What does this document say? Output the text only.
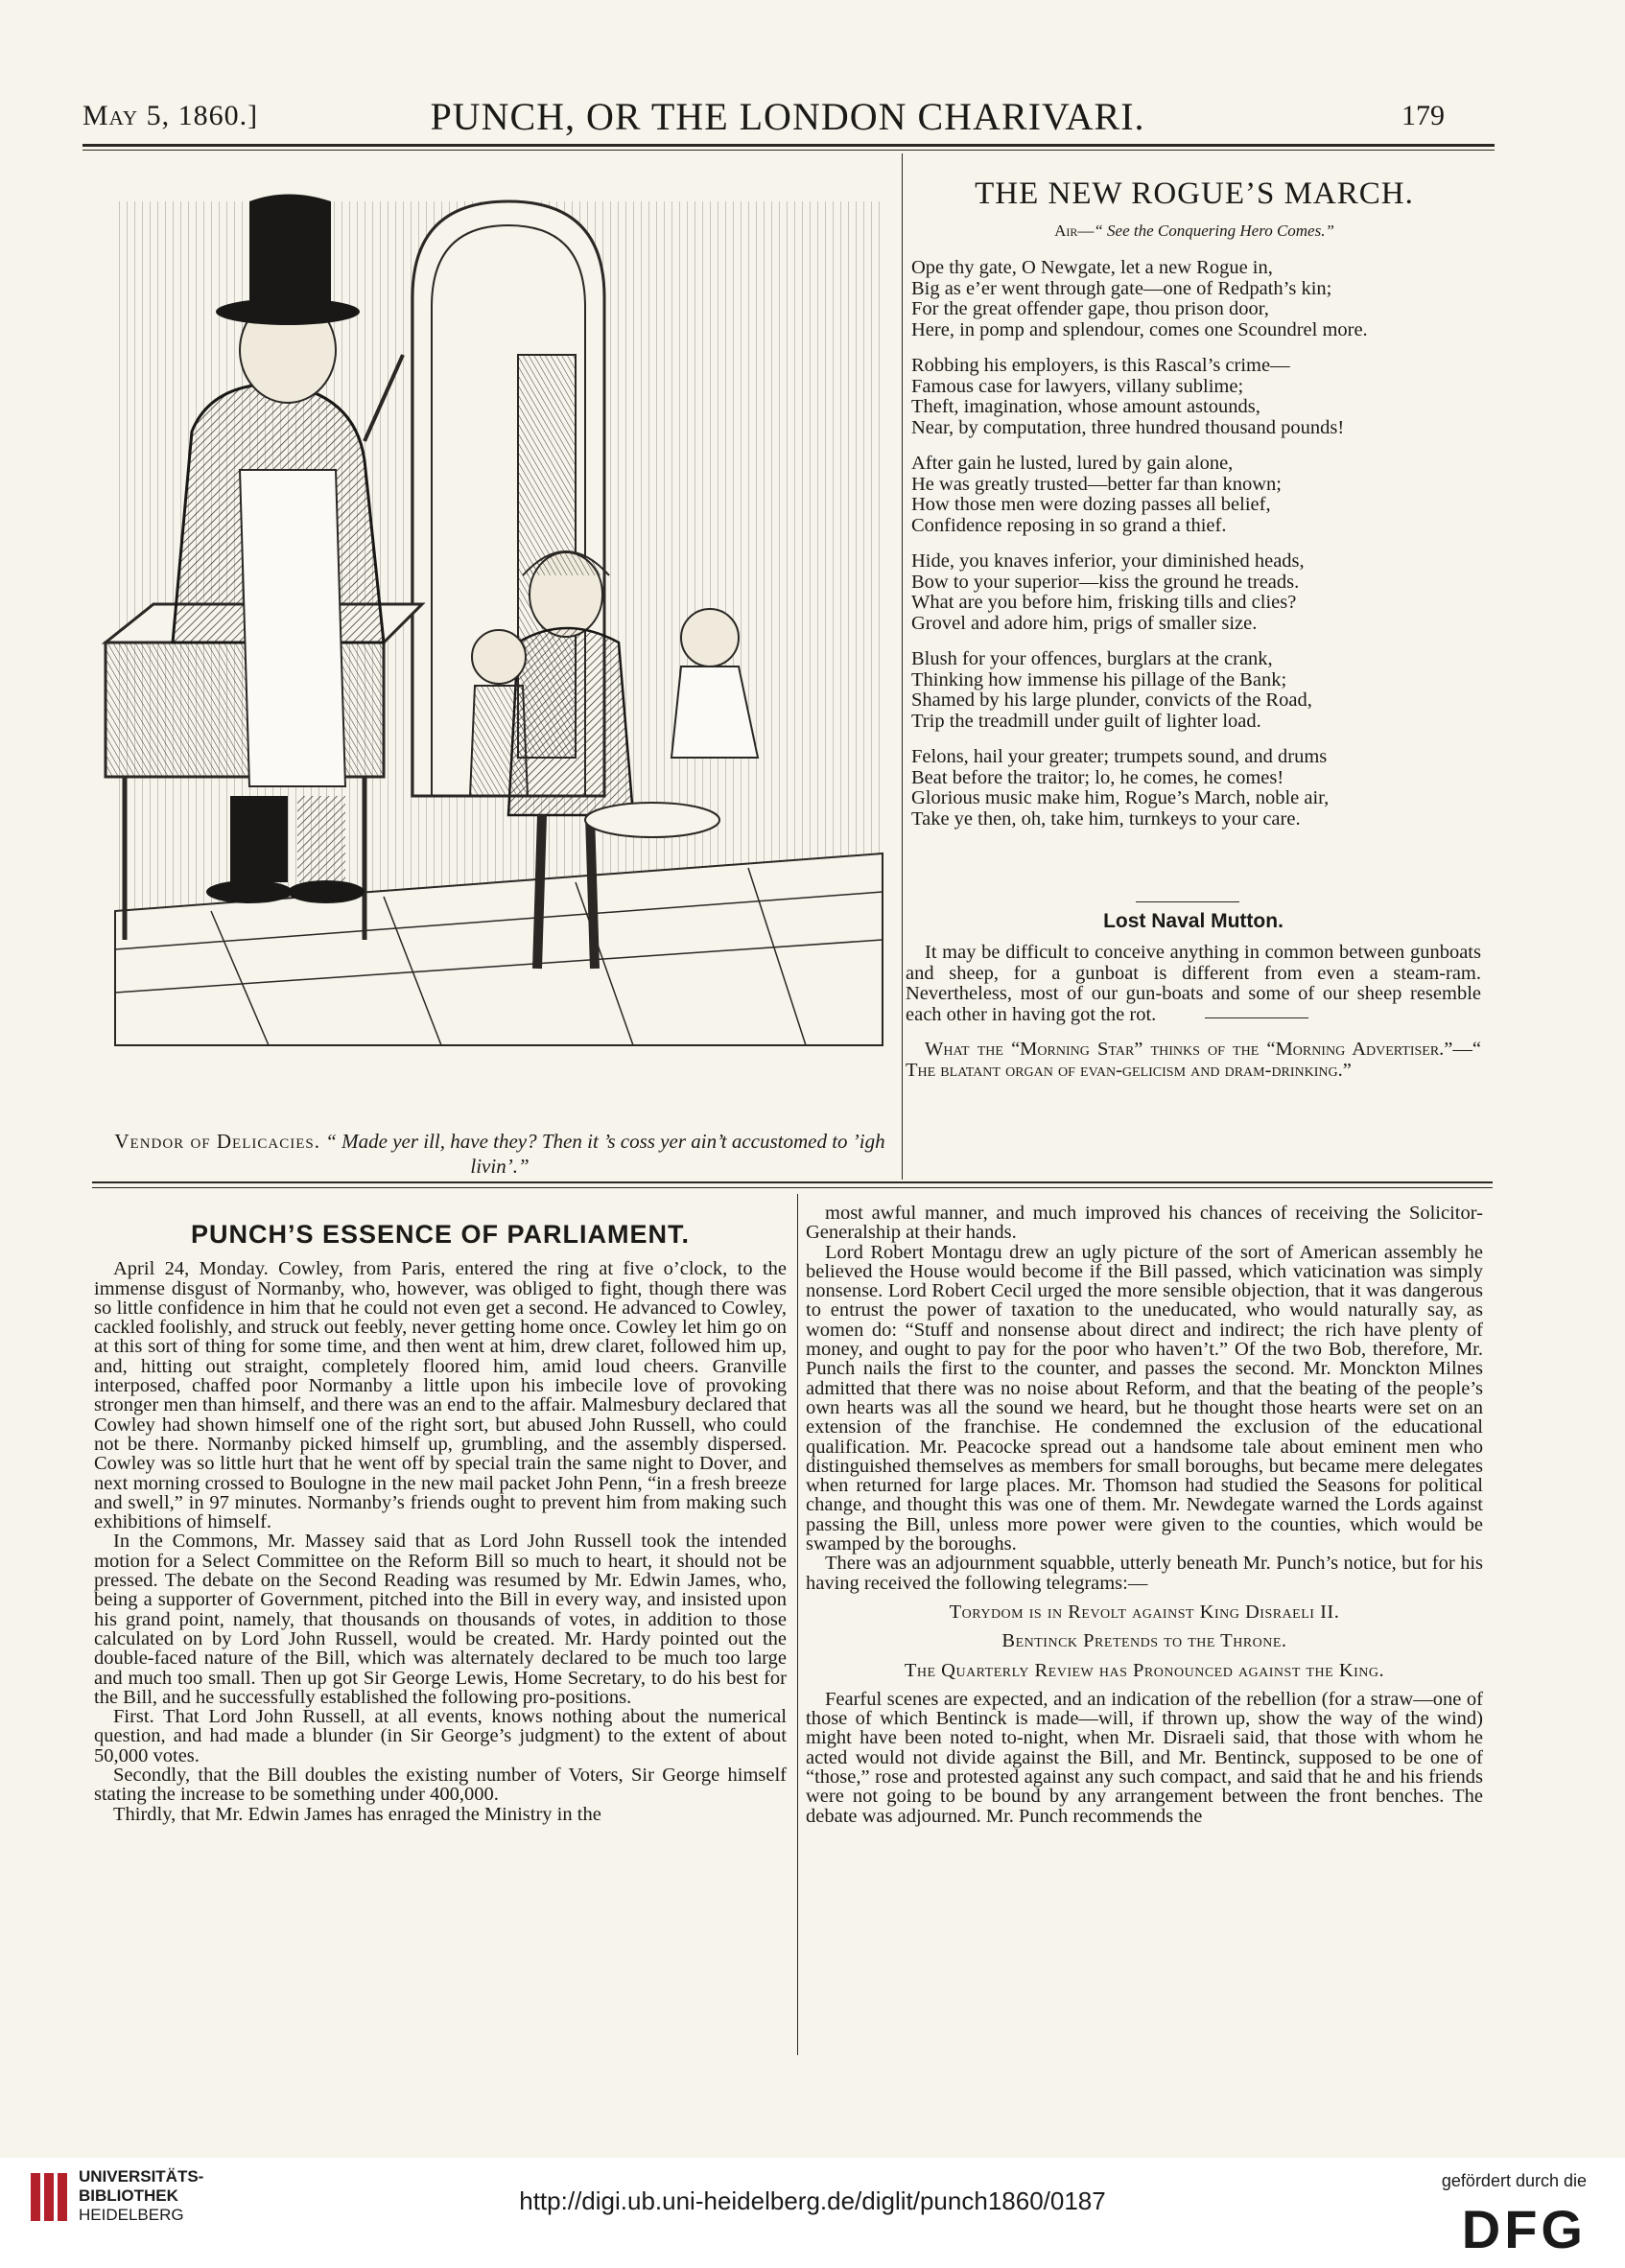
May 5, 1860.]	PUNCH, OR THE LONDON CHARIVARI.	179
Vendor of Delicacies. “ Made yer ill, have they? Then it ’s coss yer ain’t accustomed to ’igh livin’.”
THE NEW ROGUE’S MARCH.
Air—“ See the Conquering Hero Comes.”
Ope thy gate, O Newgate, let a new Rogue in,
Big as e’er went through gate—one of Redpath’s kin;
For the great offender gape, thou prison door,
Here, in pomp and splendour, comes one Scoundrel more.
Robbing his employers, is this Rascal’s crime—
Famous case for lawyers, villany sublime;
Theft, imagination, whose amount astounds,
Near, by computation, three hundred thousand pounds!
After gain he lusted, lured by gain alone,
He was greatly trusted—better far than known;
How those men were dozing passes all belief,
Confidence reposing in so grand a thief.
Hide, you knaves inferior, your diminished heads,
Bow to your superior—kiss the ground he treads.
What are you before him, frisking tills and clies?
Grovel and adore him, prigs of smaller size.
Blush for your offences, burglars at the crank,
Thinking how immense his pillage of the Bank;
Shamed by his large plunder, convicts of the Road,
Trip the treadmill under guilt of lighter load.
Felons, hail your greater; trumpets sound, and drums
Beat before the traitor; lo, he comes, he comes!
Glorious music make him, Rogue’s March, noble air,
Take ye then, oh, take him, turnkeys to your care.
Lost Naval Mutton.
It may be difficult to conceive anything in common between gunboats and sheep, for a gunboat is different from even a steam-ram. Nevertheless, most of our gun-boats and some of our sheep resemble each other in having got the rot.
What the “Morning Star” thinks of the “Morning Advertiser.”—“ The blatant organ of evan-gelicism and dram-drinking.”
PUNCH’S ESSENCE OF PARLIAMENT.

April 24, Monday. Cowley, from Paris, entered the ring at five o’clock, to the immense disgust of Normanby, who, however, was obliged to fight, though there was so little confidence in him that he could not even get a second. He advanced to Cowley, cackled foolishly, and struck out feebly, never getting home once. Cowley let him go on at this sort of thing for some time, and then went at him, drew claret, followed him up, and, hitting out straight, completely floored him, amid loud cheers. Granville interposed, chaffed poor Normanby a little upon his imbecile love of provoking stronger men than himself, and there was an end to the affair. Malmesbury declared that Cowley had shown himself one of the right sort, but abused John Russell, who could not be there. Normanby picked himself up, grumbling, and the assembly dispersed. Cowley was so little hurt that he went off by special train the same night to Dover, and next morning crossed to Boulogne in the new mail packet John Penn, “in a fresh breeze and swell,” in 97 minutes. Normanby’s friends ought to prevent him from making such exhibitions of himself.

In the Commons, Mr. Massey said that as Lord John Russell took the intended motion for a Select Committee on the Reform Bill so much to heart, it should not be pressed. The debate on the Second Reading was resumed by Mr. Edwin James, who, being a supporter of Government, pitched into the Bill in every way, and insisted upon his grand point, namely, that thousands on thousands of votes, in addition to those calculated on by Lord John Russell, would be created. Mr. Hardy pointed out the double-faced nature of the Bill, which was alternately declared to be much too large and much too small. Then up got Sir George Lewis, Home Secretary, to do his best for the Bill, and he successfully established the following pro-positions.

First. That Lord John Russell, at all events, knows nothing about the numerical question, and had made a blunder (in Sir George’s judgment) to the extent of about 50,000 votes.

Secondly, that the Bill doubles the existing number of Voters, Sir George himself stating the increase to be something under 400,000.

Thirdly, that Mr. Edwin James has enraged the Ministry in the

most awful manner, and much improved his chances of receiving the Solicitor-Generalship at their hands.

Lord Robert Montagu drew an ugly picture of the sort of American assembly he believed the House would become if the Bill passed, which vaticination was simply nonsense. Lord Robert Cecil urged the more sensible objection, that it was dangerous to entrust the power of taxation to the uneducated, who would naturally say, as women do: “Stuff and nonsense about direct and indirect; the rich have plenty of money, and ought to pay for the poor who haven’t.” Of the two Bob, therefore, Mr. Punch nails the first to the counter, and passes the second. Mr. Monckton Milnes admitted that there was no noise about Reform, and that the beating of the people’s own hearts was all the sound we heard, but he thought those hearts were set on an extension of the franchise. He condemned the exclusion of the educational qualification. Mr. Peacocke spread out a handsome tale about eminent men who distinguished themselves as members for small boroughs, but became mere delegates when returned for large places. Mr. Thomson had studied the Seasons for political change, and thought this was one of them. Mr. Newdegate warned the Lords against passing the Bill, unless more power were given to the counties, which would be swamped by the boroughs.

There was an adjournment squabble, utterly beneath Mr. Punch’s notice, but for his having received the following telegrams:—

Torydom is in Revolt against King Disraeli II.
Bentinck Pretends to the Throne.
The Quarterly Review has Pronounced against the King.

Fearful scenes are expected, and an indication of the rebellion (for a straw—one of those of which Bentinck is made—will, if thrown up, show the way of the wind) might have been noted to-night, when Mr. Disraeli said, that those with whom he acted would not divide against the Bill, and Mr. Bentinck, supposed to be one of “those,” rose and protested against any such compact, and said that he and his friends were not going to be bound by any arrangement between the front benches. The debate was adjourned. Mr. Punch recommends the

UNIVERSITÄTS-
BIBLIOTHEK
HEIDELBERG	http://digi.ub.uni-heidelberg.de/diglit/punch1860/0187
gefördert durch die
DFG
